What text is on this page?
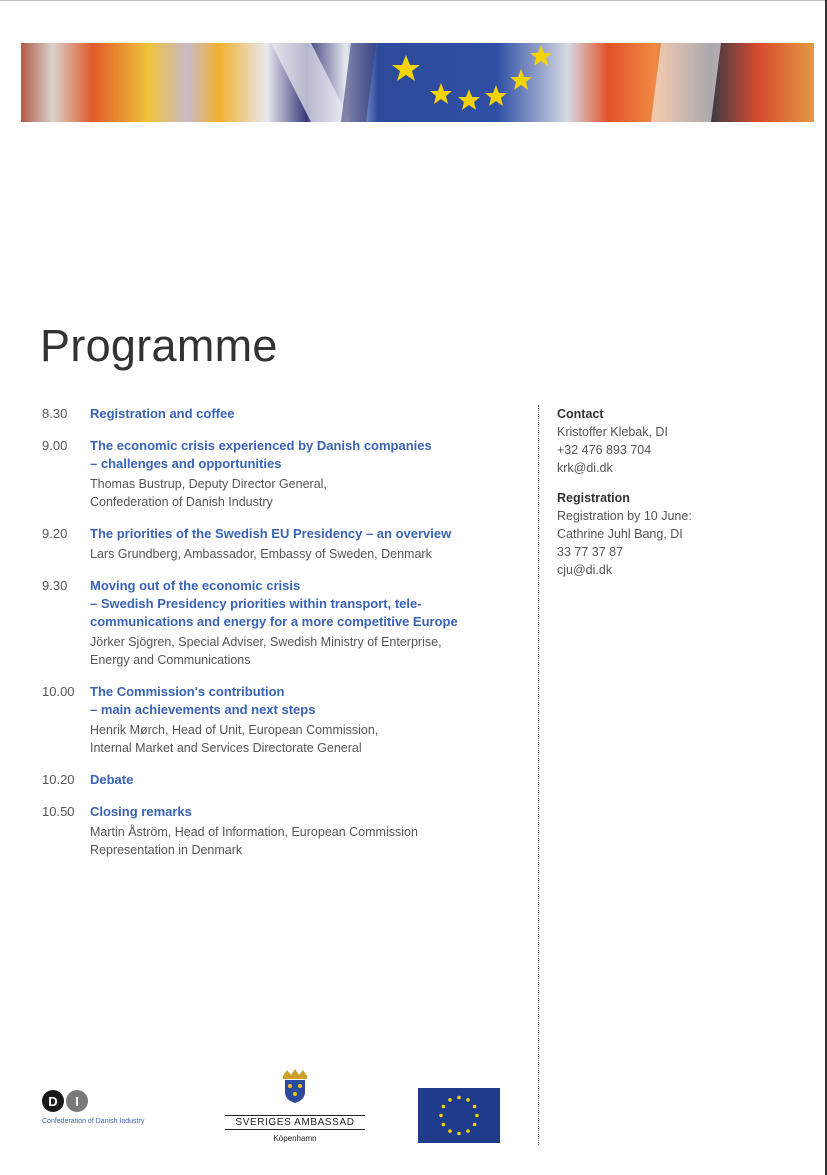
Programme
8.30	Registration and coffee
9.00	The economic crisis experienced by Danish companies
– challenges and opportunities
Thomas Bustrup, Deputy Director General,
Confederation of Danish Industry
9.20	The priorities of the Swedish EU Presidency – an overview
Lars Grundberg, Ambassador, Embassy of Sweden, Denmark
9.30	Moving out of the economic crisis
– Swedish Presidency priorities within transport, tele-
communications and energy for a more competitive Europe
Jörker Sjögren, Special Adviser, Swedish Ministry of Enterprise,
Energy and Communications
10.00	The Commission's contribution
– main achievements and next steps
Henrik Mørch, Head of Unit, European Commission,
Internal Market and Services Directorate General
10.20	Debate
10.50	Closing remarks
Martin Åström, Head of Information, European Commission
Representation in Denmark
Contact
Kristoffer Klebak, DI
+32 476 893 704
krk@di.dk
Registration
Registration by 10 June:
Cathrine Juhl Bang, DI
33 77 37 87
cju@di.dk
D	I
Confederation of Danish Industry	SVERIGES AMBASSAD
Köpenhamn
